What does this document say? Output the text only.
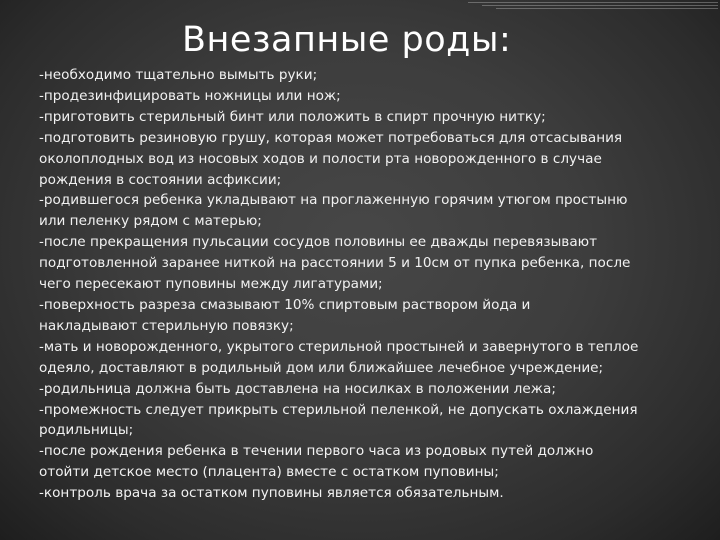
Внезапные роды:
-необходимо тщательно вымыть руки;
-продезинфицировать ножницы или нож;
-приготовить стерильный бинт или положить в спирт прочную нитку;
-подготовить резиновую грушу, которая может потребоваться для отсасывания
околоплодных вод из носовых ходов и полости рта новорожденного в случае
рождения в состоянии асфиксии;
-родившегося ребенка укладывают на проглаженную горячим утюгом простыню
или пеленку рядом с матерью;
-после прекращения пульсации сосудов половины ее дважды перевязывают
подготовленной заранее ниткой на расстоянии 5 и 10см от пупка ребенка, после
чего пересекают пуповины между лигатурами;
-поверхность разреза смазывают 10% спиртовым раствором йода и
накладывают стерильную повязку;
-мать и новорожденного, укрытого стерильной простыней и завернутого в теплое
одеяло, доставляют в родильный дом или ближайшее лечебное учреждение;
-родильница должна быть доставлена на носилках в положении лежа;
-промежность следует прикрыть стерильной пеленкой, не допускать охлаждения
родильницы;
-после рождения ребенка в течении первого часа из родовых путей должно
отойти детское место (плацента) вместе с остатком пуповины;
-контроль врача за остатком пуповины является обязательным.
